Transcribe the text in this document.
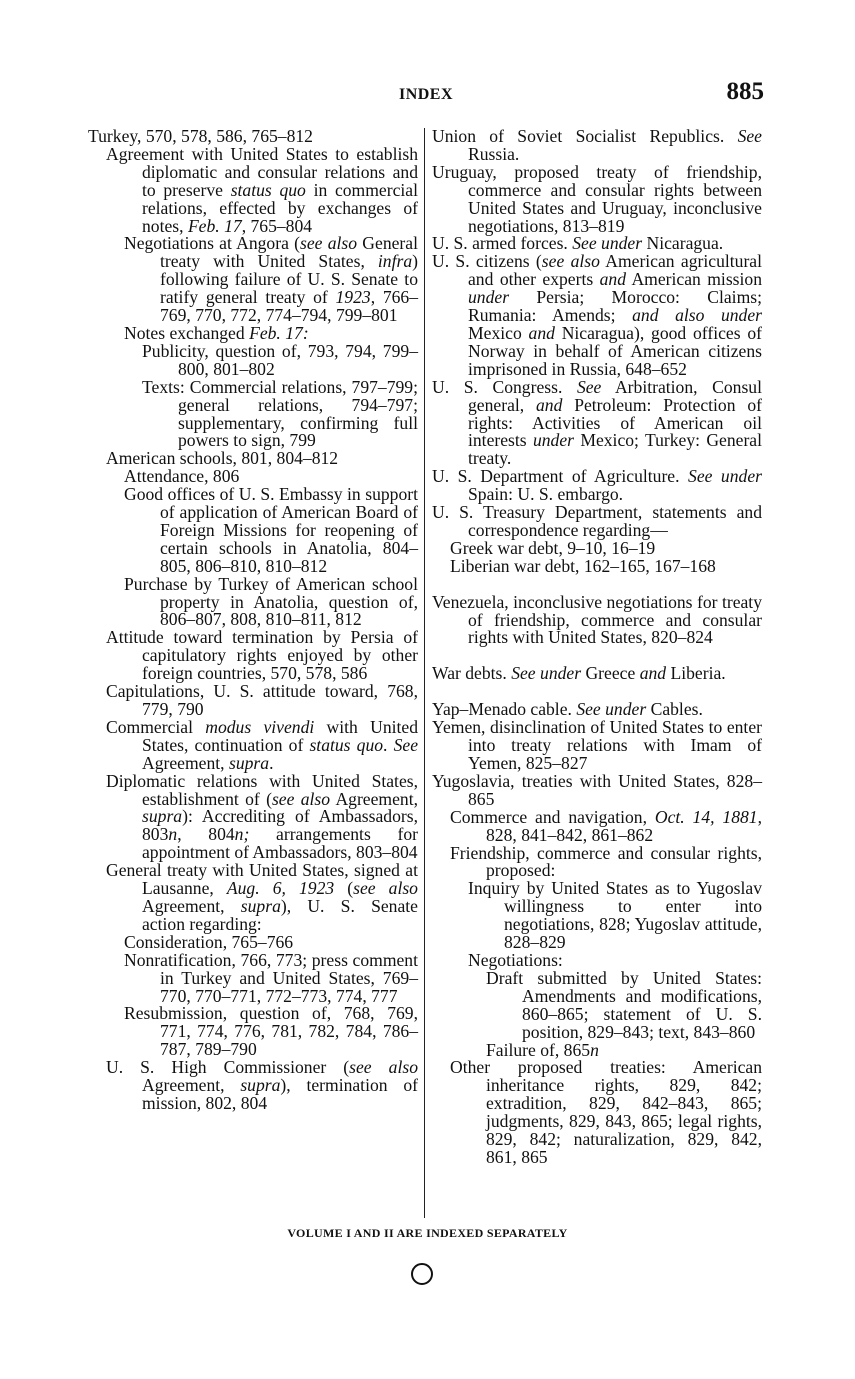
INDEX	885
Turkey, 570, 578, 586, 765–812
Agreement with United States to establish diplomatic and consular relations and to preserve status quo in commercial relations, effected by exchanges of notes, Feb. 17, 765–804
Negotiations at Angora (see also General treaty with United States, infra) following failure of U. S. Senate to ratify general treaty of 1923, 766–769, 770, 772, 774–794, 799–801
Notes exchanged Feb. 17:
Publicity, question of, 793, 794, 799–800, 801–802
Texts: Commercial relations, 797–799; general relations, 794–797; supplementary, confirming full powers to sign, 799
American schools, 801, 804–812
Attendance, 806
Good offices of U. S. Embassy in support of application of American Board of Foreign Missions for reopening of certain schools in Anatolia, 804–805, 806–810, 810–812
Purchase by Turkey of American school property in Anatolia, question of, 806–807, 808, 810–811, 812
Attitude toward termination by Persia of capitulatory rights enjoyed by other foreign countries, 570, 578, 586
Capitulations, U. S. attitude toward, 768, 779, 790
Commercial modus vivendi with United States, continuation of status quo. See Agreement, supra.
Diplomatic relations with United States, establishment of (see also Agreement, supra): Accrediting of Ambassadors, 803n, 804n; arrangements for appointment of Ambassadors, 803–804
General treaty with United States, signed at Lausanne, Aug. 6, 1923 (see also Agreement, supra), U. S. Senate action regarding:
Consideration, 765–766
Nonratification, 766, 773; press comment in Turkey and United States, 769–770, 770–771, 772–773, 774, 777
Resubmission, question of, 768, 769, 771, 774, 776, 781, 782, 784, 786–787, 789–790
U. S. High Commissioner (see also Agreement, supra), termination of mission, 802, 804
Union of Soviet Socialist Republics. See Russia.
Uruguay, proposed treaty of friendship, commerce and consular rights between United States and Uruguay, inconclusive negotiations, 813–819
U. S. armed forces. See under Nicaragua.
U. S. citizens (see also American agricultural and other experts and American mission under Persia; Morocco: Claims; Rumania: Amends; and also under Mexico and Nicaragua), good offices of Norway in behalf of American citizens imprisoned in Russia, 648–652
U. S. Congress. See Arbitration, Consul general, and Petroleum: Protection of rights: Activities of American oil interests under Mexico; Turkey: General treaty.
U. S. Department of Agriculture. See under Spain: U. S. embargo.
U. S. Treasury Department, statements and correspondence regarding—
Greek war debt, 9–10, 16–19
Liberian war debt, 162–165, 167–168
Venezuela, inconclusive negotiations for treaty of friendship, commerce and consular rights with United States, 820–824
War debts. See under Greece and Liberia.
Yap–Menado cable. See under Cables.
Yemen, disinclination of United States to enter into treaty relations with Imam of Yemen, 825–827
Yugoslavia, treaties with United States, 828–865
Commerce and navigation, Oct. 14, 1881, 828, 841–842, 861–862
Friendship, commerce and consular rights, proposed:
Inquiry by United States as to Yugoslav willingness to enter into negotiations, 828; Yugoslav attitude, 828–829
Negotiations:
Draft submitted by United States: Amendments and modifications, 860–865; statement of U. S. position, 829–843; text, 843–860
Failure of, 865n
Other proposed treaties: American inheritance rights, 829, 842; extradition, 829, 842–843, 865; judgments, 829, 843, 865; legal rights, 829, 842; naturalization, 829, 842, 861, 865
VOLUME I AND II ARE INDEXED SEPARATELY
